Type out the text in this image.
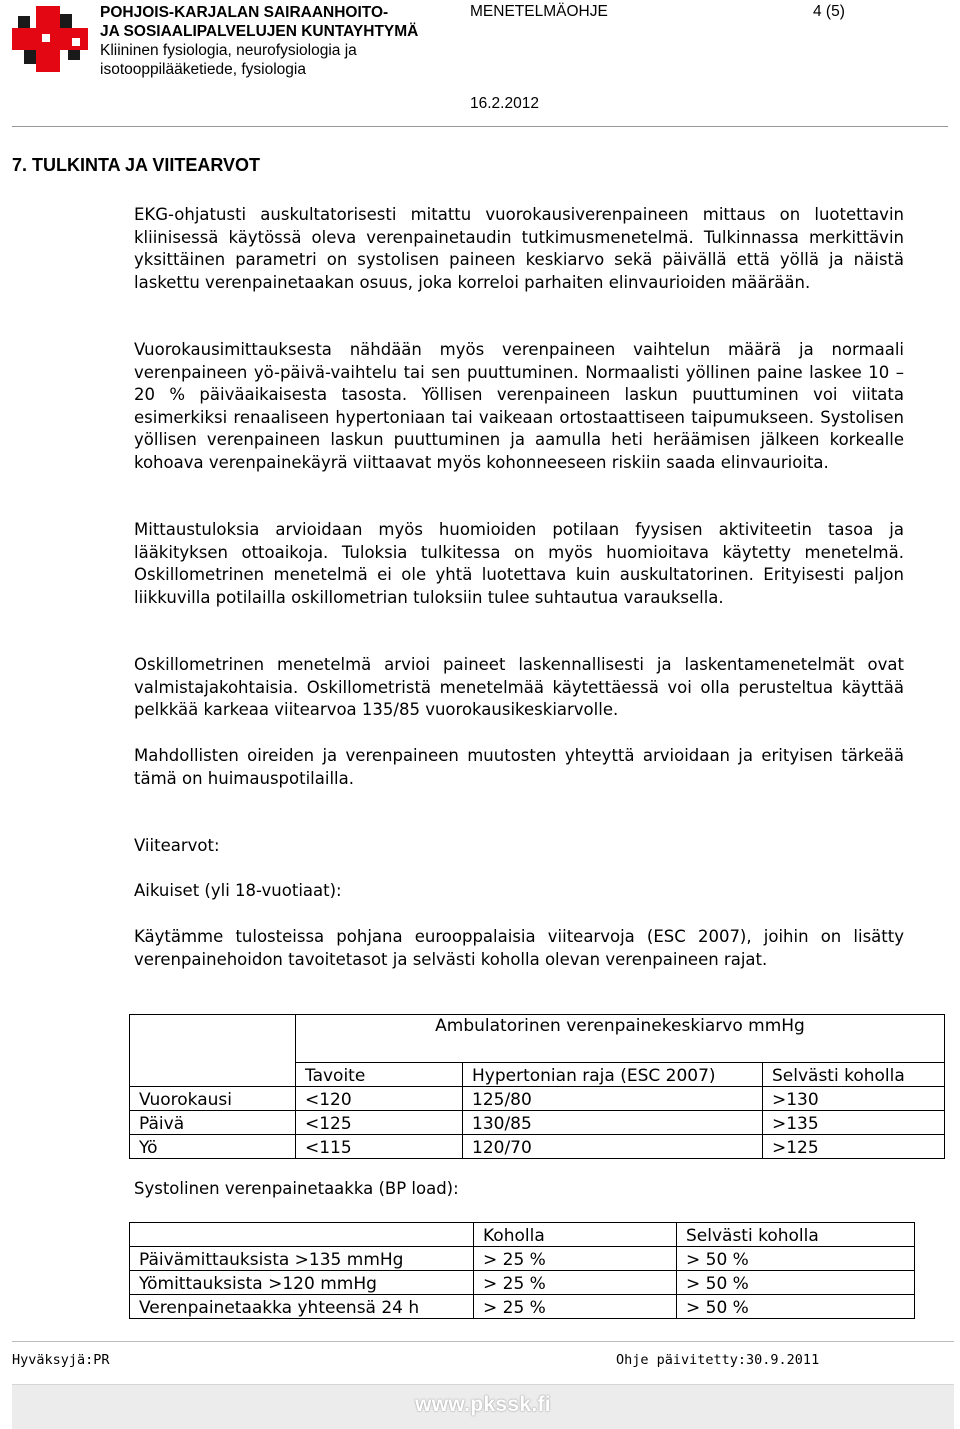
POHJOIS-KARJALAN SAIRAANHOITO-
JA SOSIAALIPALVELUJEN KUNTAYHTYMÄ
Kliininen fysiologia, neurofysiologia ja
isotooppilääketiede, fysiologia
MENETELMÄOHJE	4 (5)
16.2.2012
7. TULKINTA JA VIITEARVOT
EKG-ohjatusti auskultatorisesti mitattu vuorokausiverenpaineen mittaus on luotettavin kliinisessä käytössä oleva verenpainetaudin tutkimusmenetelmä. Tulkinnassa merkittävin yksittäinen parametri on systolisen paineen keskiarvo sekä päivällä että yöllä ja näistä laskettu verenpainetaakan osuus, joka korreloi parhaiten elinvaurioiden määrään.
Vuorokausimittauksesta nähdään myös verenpaineen vaihtelun määrä ja normaali verenpaineen yö-päivä-vaihtelu tai sen puuttuminen. Normaalisti yöllinen paine laskee 10 – 20 % päiväaikaisesta tasosta. Yöllisen verenpaineen laskun puuttuminen voi viitata esimerkiksi renaaliseen hypertoniaan tai vaikeaan ortostaattiseen taipumukseen. Systolisen yöllisen verenpaineen laskun puuttuminen ja aamulla heti heräämisen jälkeen korkealle kohoava verenpainekäyrä viittaavat myös kohonneeseen riskiin saada elinvaurioita.
Mittaustuloksia arvioidaan myös huomioiden potilaan fyysisen aktiviteetin tasoa ja lääkityksen ottoaikoja. Tuloksia tulkitessa on myös huomioitava käytetty menetelmä. Oskillometrinen menetelmä ei ole yhtä luotettava kuin auskultatorinen. Erityisesti paljon liikkuvilla potilailla oskillometrian tuloksiin tulee suhtautua varauksella.
Oskillometrinen menetelmä arvioi paineet laskennallisesti ja laskentamenetelmät ovat valmistajakohtaisia. Oskillometristä menetelmää käytettäessä voi olla perusteltua käyttää pelkkää karkeaa viitearvoa 135/85 vuorokausikeskiarvolle.
Mahdollisten oireiden ja verenpaineen muutosten yhteyttä arvioidaan ja erityisen tärkeää tämä on huimauspotilailla.
Viitearvot:
Aikuiset (yli 18-vuotiaat):
Käytämme tulosteissa pohjana eurooppalaisia viitearvoja (ESC 2007), joihin on lisätty verenpainehoidon tavoitetasot ja selvästi koholla olevan verenpaineen rajat.
	Ambulatorinen verenpainekeskiarvo mmHg		
	Tavoite	Hypertonian raja (ESC 2007)	Selvästi koholla
Vuorokausi	<120	125/80	>130
Päivä	<125	130/85	>135
Yö	<115	120/70	>125
Systolinen verenpainetaakka (BP load):
	Koholla	Selvästi koholla
Päivämittauksista >135 mmHg	> 25 %	> 50 %
Yömittauksista >120 mmHg	> 25 %	> 50 %
Verenpainetaakka yhteensä 24 h	> 25 %	> 50 %
Hyväksyjä:PR	Ohje päivitetty:30.9.2011
www.pkssk.fi
